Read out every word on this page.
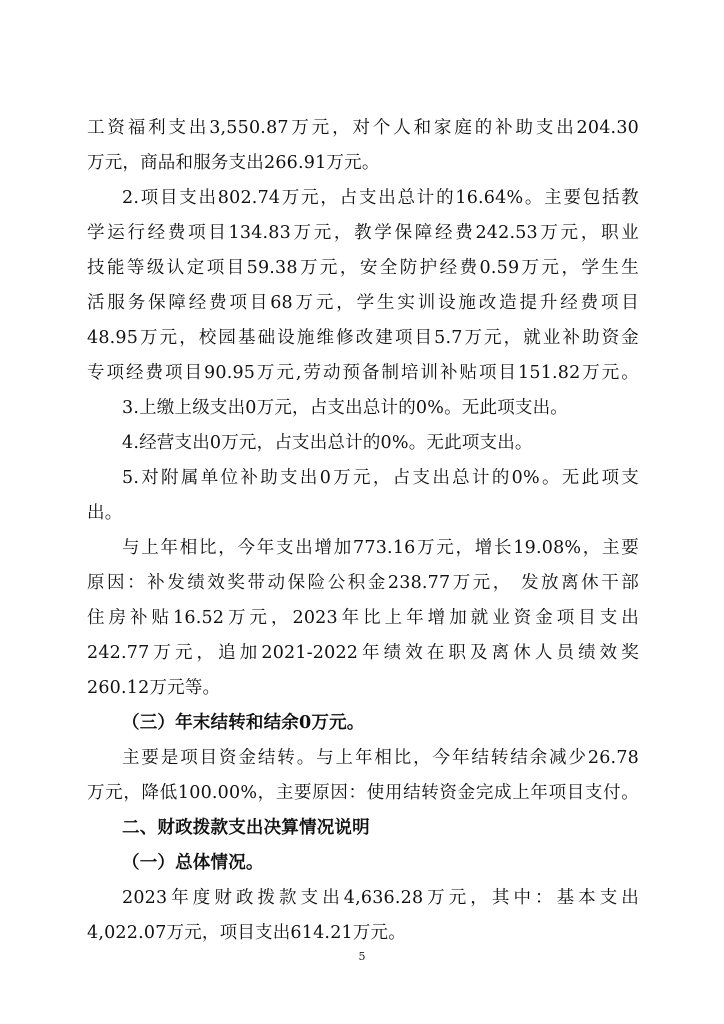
工资福利支出3,550.87万元，对个人和家庭的补助支出204.30
万元，商品和服务支出266.91万元。
2.项目支出802.74万元，占支出总计的16.64%。主要包括教
学运行经费项目134.83万元，教学保障经费242.53万元，职业
技能等级认定项目59.38万元，安全防护经费0.59万元，学生生
活服务保障经费项目68万元，学生实训设施改造提升经费项目
48.95万元，校园基础设施维修改建项目5.7万元，就业补助资金
专项经费项目90.95万元,劳动预备制培训补贴项目151.82万元。
3.上缴上级支出0万元，占支出总计的0%。无此项支出。
4.经营支出0万元，占支出总计的0%。无此项支出。
5.对附属单位补助支出0万元，占支出总计的0%。无此项支
出。
与上年相比，今年支出增加773.16万元，增长19.08%，主要
原因：补发绩效奖带动保险公积金238.77万元， 发放离休干部
住房补贴16.52万元，2023年比上年增加就业资金项目支出
242.77万元，追加2021-2022年绩效在职及离休人员绩效奖
260.12万元等。
（三）年末结转和结余0万元。
主要是项目资金结转。与上年相比，今年结转结余减少26.78
万元，降低100.00%，主要原因：使用结转资金完成上年项目支付。
二、财政拨款支出决算情况说明
（一）总体情况。
2023年度财政拨款支出4,636.28万元，其中：基本支出
4,022.07万元，项目支出614.21万元。
5
